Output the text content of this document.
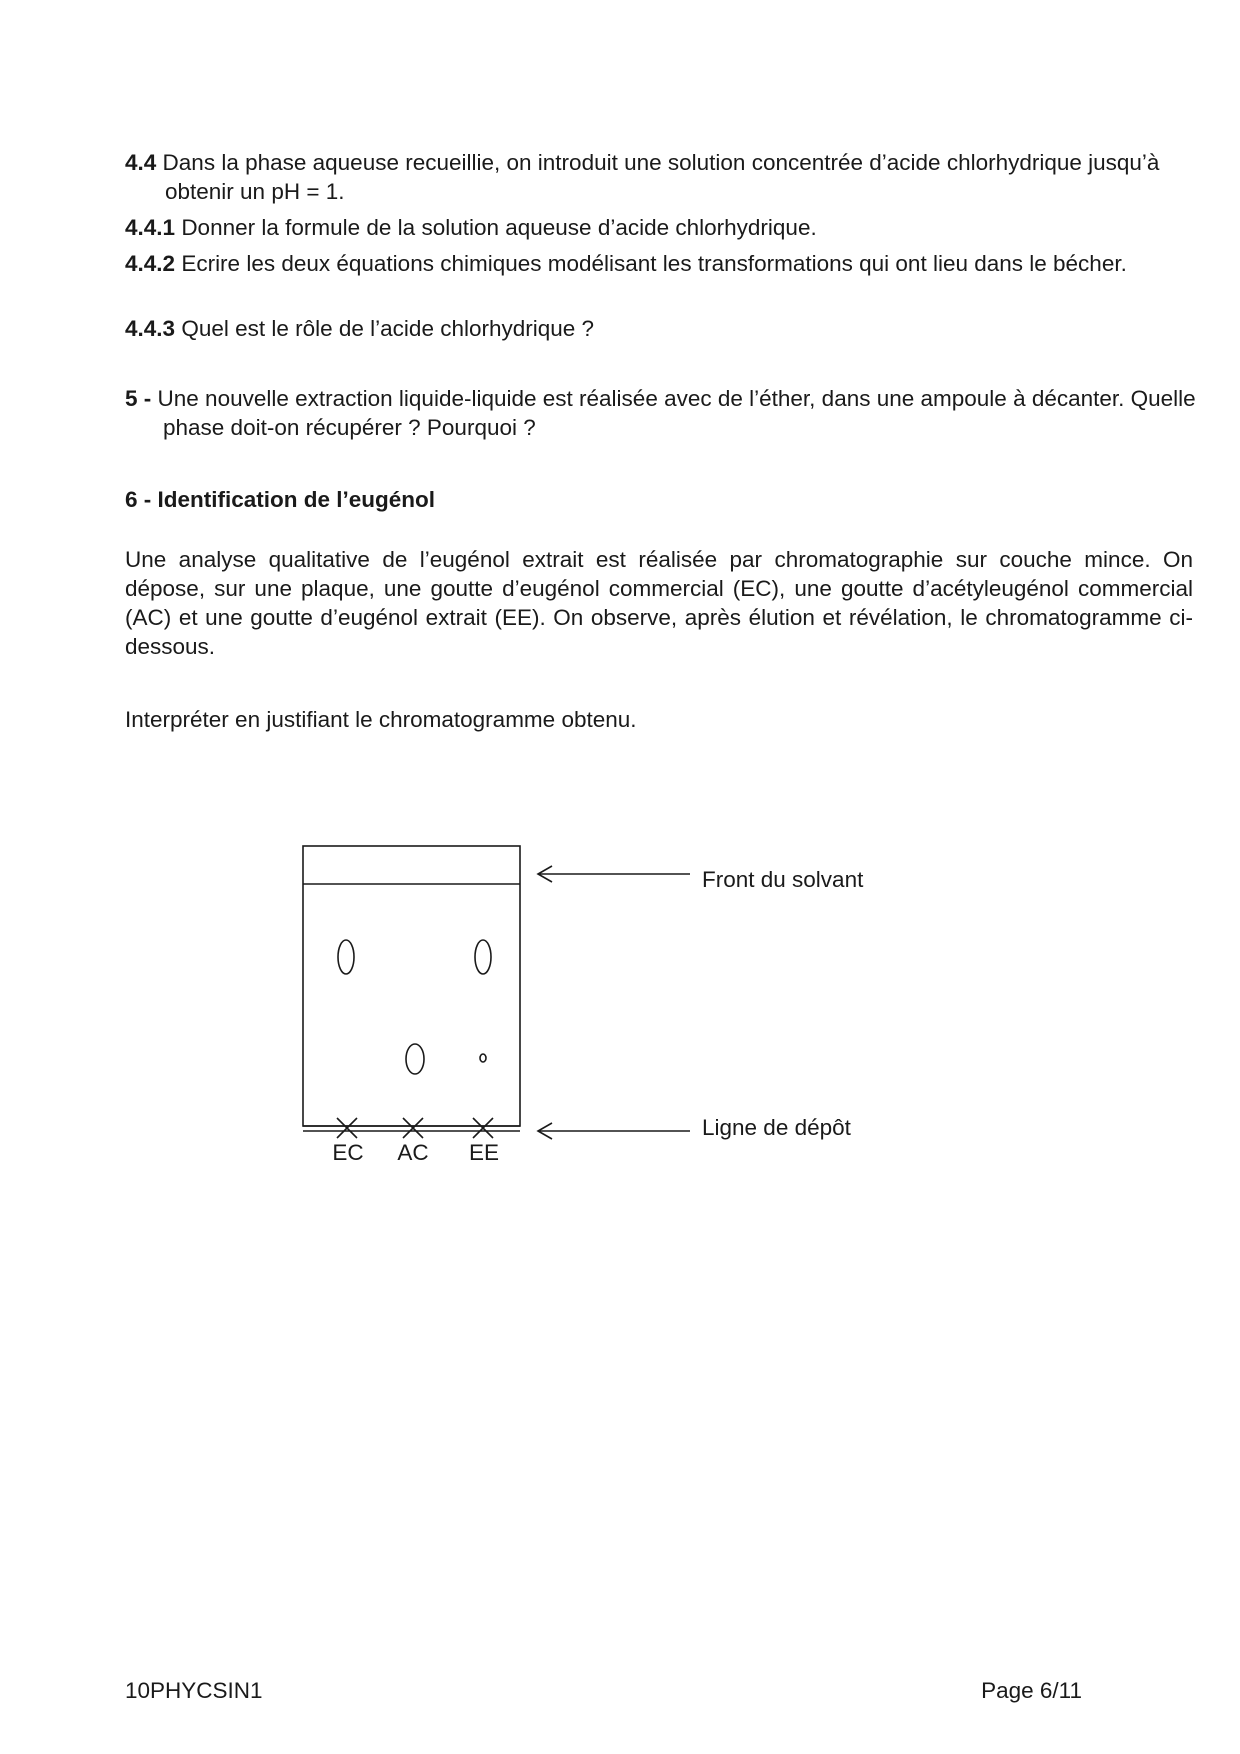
4.4 Dans la phase aqueuse recueillie, on introduit une solution concentrée d’acide chlorhydrique jusqu’à obtenir un pH = 1.
4.4.1 Donner la formule de la solution aqueuse d’acide chlorhydrique.
4.4.2 Ecrire les deux équations chimiques modélisant les transformations qui ont lieu dans le bécher.
4.4.3 Quel est le rôle de l’acide chlorhydrique ?
5 - Une nouvelle extraction liquide-liquide est réalisée avec de l’éther, dans une ampoule à décanter. Quelle phase doit-on récupérer ? Pourquoi ?
6 - Identification de l’eugénol
Une analyse qualitative de l’eugénol extrait est réalisée par chromatographie sur couche mince. On dépose, sur une plaque, une goutte d’eugénol commercial (EC), une goutte d’acétyleugénol commercial (AC) et une goutte d’eugénol extrait (EE). On observe, après élution et révélation, le chromatogramme ci-dessous.
Interpréter en justifiant le chromatogramme obtenu.
Front du solvant
Ligne de dépôt
EC AC EE
10PHYCSIN1	Page 6/11
